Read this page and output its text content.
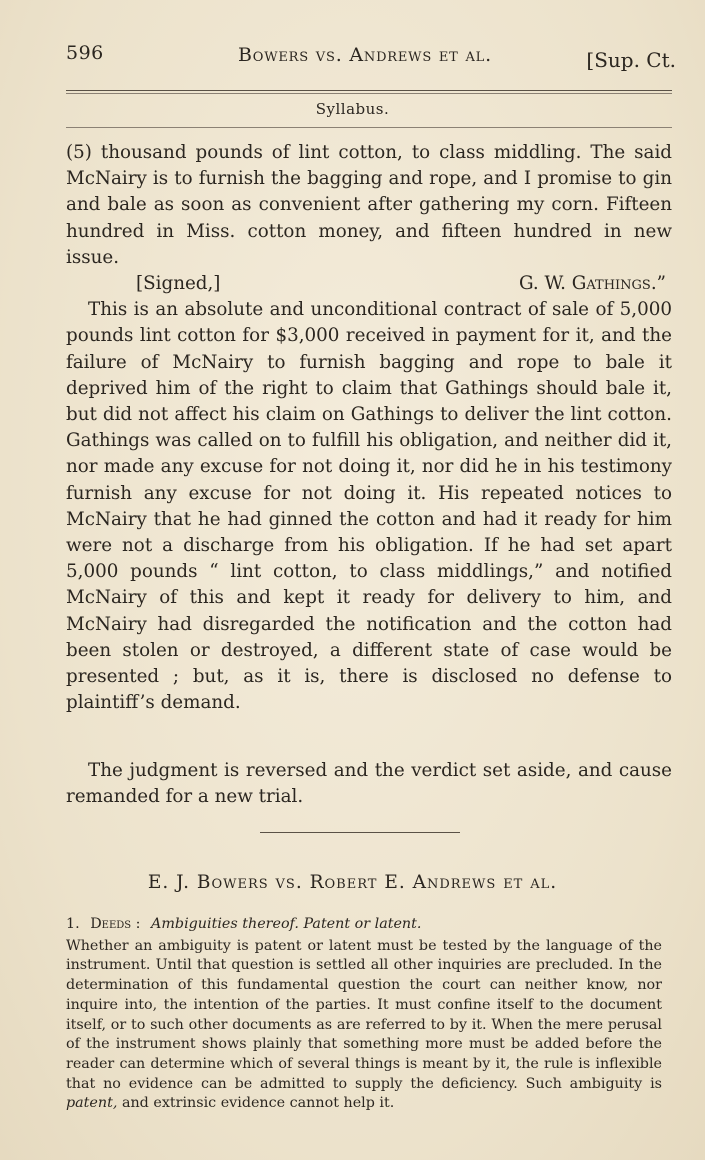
596	Bowers vs. Andrews et al.	[Sup. Ct.
Syllabus.

(5) thousand pounds of lint cotton, to class middling. The said McNairy is to furnish the bagging and rope, and I promise to gin and bale as soon as convenient after gathering my corn. Fifteen hundred in Miss. cotton money, and fifteen hundred in new issue.

[Signed,]	G. W. Gathings.”

This is an absolute and unconditional contract of sale of 5,000 pounds lint cotton for $3,000 received in payment for it, and the failure of McNairy to furnish bagging and rope to bale it deprived him of the right to claim that Gathings should bale it, but did not affect his claim on Gathings to deliver the lint cotton. Gathings was called on to fulfill his obligation, and neither did it, nor made any excuse for not doing it, nor did he in his testimony furnish any excuse for not doing it. His repeated notices to McNairy that he had ginned the cotton and had it ready for him were not a discharge from his obligation. If he had set apart 5,000 pounds “ lint cotton, to class middlings,” and notified McNairy of this and kept it ready for delivery to him, and McNairy had disregarded the notification and the cotton had been stolen or destroyed, a different state of case would be presented ; but, as it is, there is disclosed no defense to plaintiff’s demand.

The judgment is reversed and the verdict set aside, and cause remanded for a new trial.

E. J. Bowers vs. Robert E. Andrews et al.

1. Deeds : Ambiguities thereof. Patent or latent.

Whether an ambiguity is patent or latent must be tested by the language of the instrument. Until that question is settled all other inquiries are precluded. In the determination of this fundamental question the court can neither know, nor inquire into, the intention of the parties. It must confine itself to the document itself, or to such other documents as are referred to by it. When the mere perusal of the instrument shows plainly that something more must be added before the reader can determine which of several things is meant by it, the rule is inflexible that no evidence can be admitted to supply the deficiency. Such ambiguity is patent, and extrinsic evidence cannot help it.
